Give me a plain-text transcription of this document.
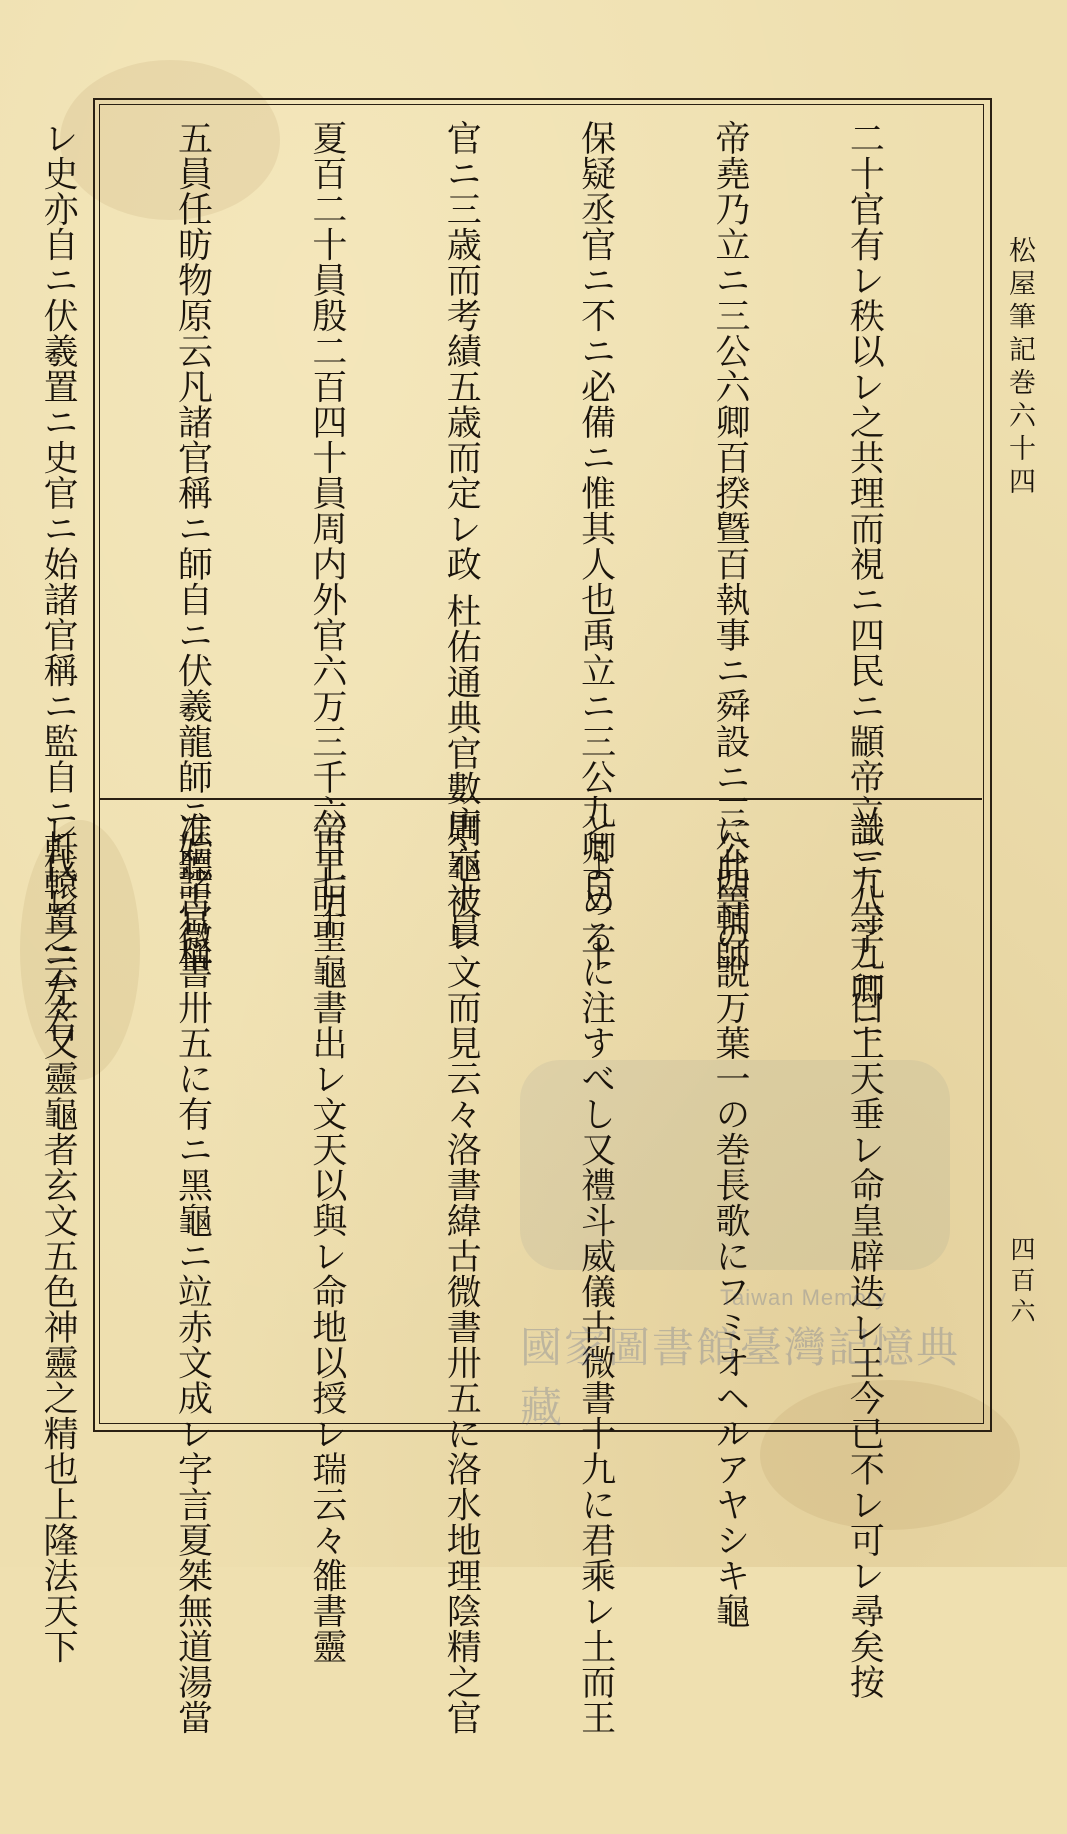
松屋筆記巻六十四
四百六

二十官有レ秩以レ之共理而視ニ四民ニ顓帝立ニ九寺九卿ニ

帝堯乃立ニ三公六卿百揆曁百執事ニ舜設ニ三公四輔師

保疑丞官ニ不ニ必備ニ惟其人也禹立ニ三公九卿百二十

官ニ三歳而考績五歳而定レ政 杜佑通典官數唐六十員

夏百二十員殷二百四十員周内外官六万三千六百七十

五員任昉物原云凡諸官稱ニ師自ニ伏羲龍師ニ始諸官稱

レ史亦自ニ伏羲置ニ史官ニ始諸官稱ニ監自ニ軒轅置ニ左右

識ニ八字ニ曰上天垂レ命皇辟迭レ王今已不レ可レ尋矣按

に此等の說万葉一の巻長歌にフミオヘルアヤシキ龜

とよめるに注すべし又禮斗威儀古微書十九に君乘レ土而王

則龜被レ文而見云々洛書緯古微書卅五に洛水地理陰精之官

帝王明聖龜書出レ文天以與レ命地以授レ瑞云々雒書靈

准聽古微書卅五に有ニ黑龜ニ竝赤文成レ字言夏桀無道湯當

レ伐レ之云々又靈龜者玄文五色神靈之精也上隆法天下

	Taiwan Memory
國家圖書館臺灣記憶典藏
